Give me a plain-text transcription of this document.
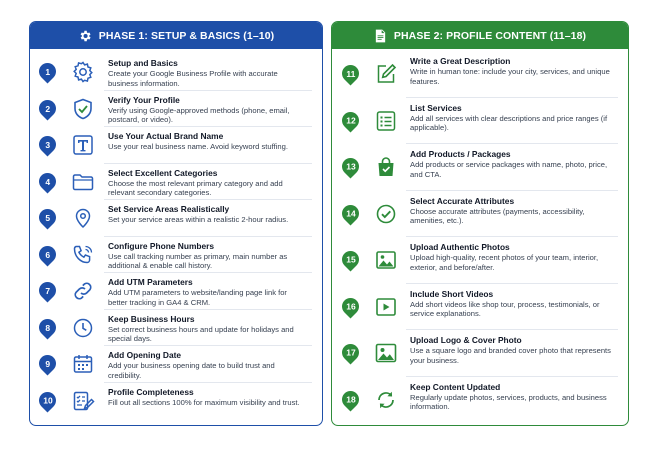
PHASE 1: SETUP & BASICS (1–10)
1
Setup and Basics
Create your Google Business Profile with accurate business information.
2
Verify Your Profile
Verify using Google-approved methods (phone, email, postcard, or video).
3
Use Your Actual Brand Name
Use your real business name. Avoid keyword stuffing.
4
Select Excellent Categories
Choose the most relevant primary category and add relevant secondary categories.
5
Set Service Areas Realistically
Set your service areas within a realistic 2-hour radius.
6
Configure Phone Numbers
Use call tracking number as primary, main number as additional & enable call history.
7
Add UTM Parameters
Add UTM parameters to website/landing page link for better tracking in GA4 & CRM.
8
Keep Business Hours
Set correct business hours and update for holidays and special days.
9
Add Opening Date
Add your business opening date to build trust and credibility.
10
Profile Completeness
Fill out all sections 100% for maximum visibility and trust.
PHASE 2: PROFILE CONTENT (11–18)
11
Write a Great Description
Write in human tone: include your city, services, and unique features.
12
List Services
Add all services with clear descriptions and price ranges (if applicable).
13
Add Products / Packages
Add products or service packages with name, photo, price, and CTA.
14
Select Accurate Attributes
Choose accurate attributes (payments, accessibility, amenities, etc.).
15
Upload Authentic Photos
Upload high-quality, recent photos of your team, interior, exterior, and before/after.
16
Include Short Videos
Add short videos like shop tour, process, testimonials, or service explanations.
17
Upload Logo & Cover Photo
Use a square logo and branded cover photo that represents your business.
18
Keep Content Updated
Regularly update photos, services, products, and business information.
